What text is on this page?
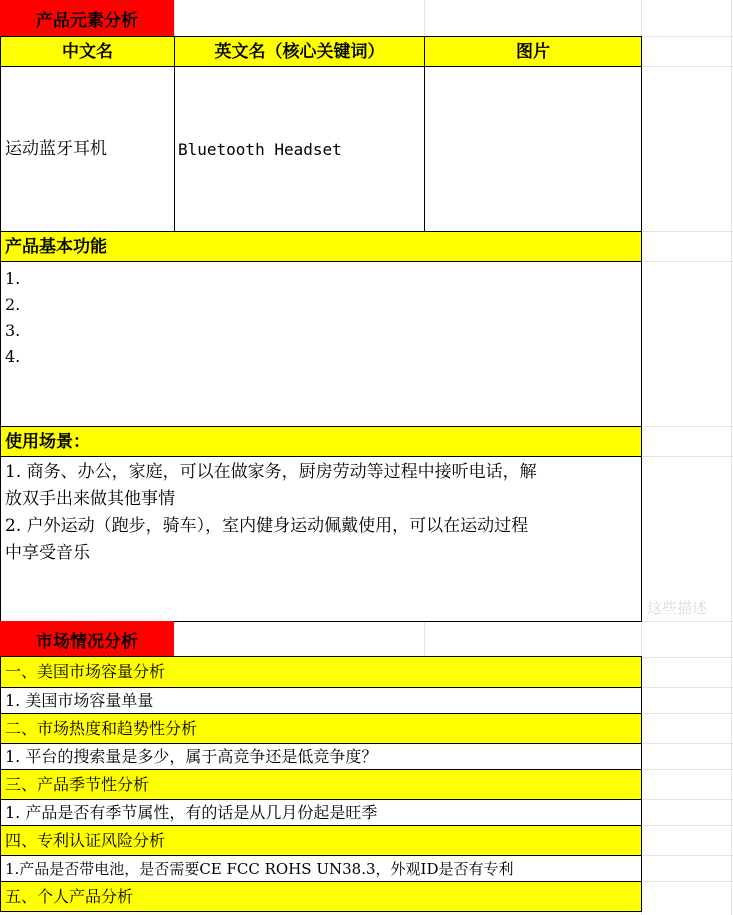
产品元素分析
中文名	英文名（核心关键词）	图片
运动蓝牙耳机	Bluetooth Headset
产品基本功能
1.
2.
3.
4.
使用场景：
1. 商务、办公，家庭，可以在做家务，厨房劳动等过程中接听电话，解
放双手出来做其他事情
2. 户外运动（跑步，骑车），室内健身运动佩戴使用，可以在运动过程
中享受音乐
这些描述
市场情况分析
一、美国市场容量分析
1. 美国市场容量单量
二、市场热度和趋势性分析
1. 平台的搜索量是多少，属于高竞争还是低竞争度？
三、产品季节性分析
1. 产品是否有季节属性，有的话是从几月份起是旺季
四、专利认证风险分析
1.产品是否带电池，是否需要CE FCC ROHS UN38.3，外观ID是否有专利
五、个人产品分析
